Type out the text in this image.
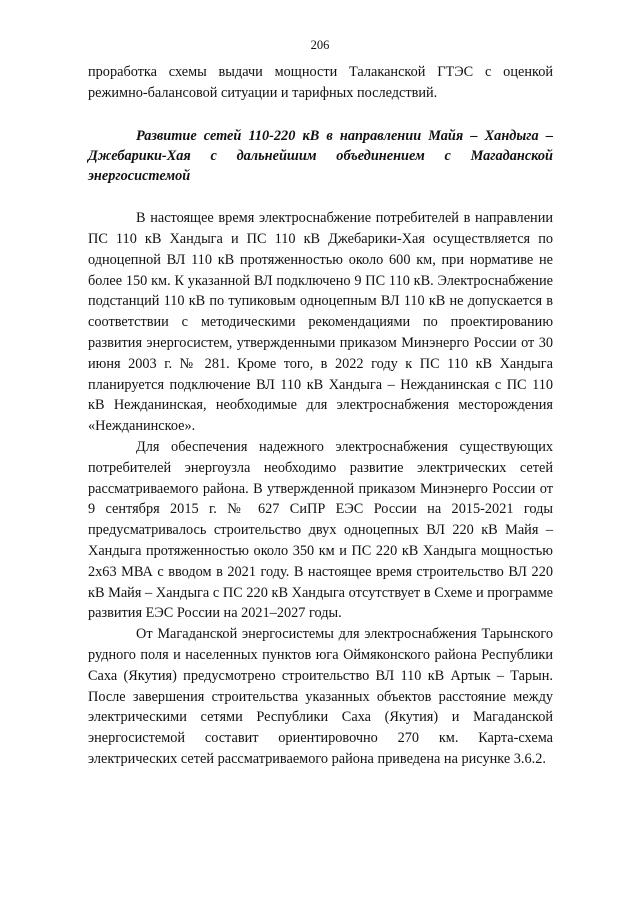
206

проработка схемы выдачи мощности Талаканской ГТЭС с оценкой режимно-балансовой ситуации и тарифных последствий.

Развитие сетей 110-220 кВ в направлении Майя – Хандыга – Джебарики-Хая с дальнейшим объединением с Магаданской энергосистемой

В настоящее время электроснабжение потребителей в направлении ПС 110 кВ Хандыга и ПС 110 кВ Джебарики-Хая осуществляется по одноцепной ВЛ 110 кВ протяженностью около 600 км, при нормативе не более 150 км. К указанной ВЛ подключено 9 ПС 110 кВ. Электроснабжение подстанций 110 кВ по тупиковым одноцепным ВЛ 110 кВ не допускается в соответствии с методическими рекомендациями по проектированию развития энергосистем, утвержденными приказом Минэнерго России от 30 июня 2003 г. № 281. Кроме того, в 2022 году к ПС 110 кВ Хандыга планируется подключение ВЛ 110 кВ Хандыга – Нежданинская с ПС 110 кВ Нежданинская, необходимые для электроснабжения месторождения «Нежданинское».

Для обеспечения надежного электроснабжения существующих потребителей энергоузла необходимо развитие электрических сетей рассматриваемого района. В утвержденной приказом Минэнерго России от 9 сентября 2015 г. № 627 СиПР ЕЭС России на 2015-2021 годы предусматривалось строительство двух одноцепных ВЛ 220 кВ Майя – Хандыга протяженностью около 350 км и ПС 220 кВ Хандыга мощностью 2х63 МВА с вводом в 2021 году. В настоящее время строительство ВЛ 220 кВ Майя – Хандыга с ПС 220 кВ Хандыга отсутствует в Схеме и программе развития ЕЭС России на 2021–2027 годы.

От Магаданской энергосистемы для электроснабжения Тарынского рудного поля и населенных пунктов юга Оймяконского района Республики Саха (Якутия) предусмотрено строительство ВЛ 110 кВ Артык – Тарын. После завершения строительства указанных объектов расстояние между электрическими сетями Республики Саха (Якутия) и Магаданской энергосистемой составит ориентировочно 270 км. Карта-схема электрических сетей рассматриваемого района приведена на рисунке 3.6.2.
